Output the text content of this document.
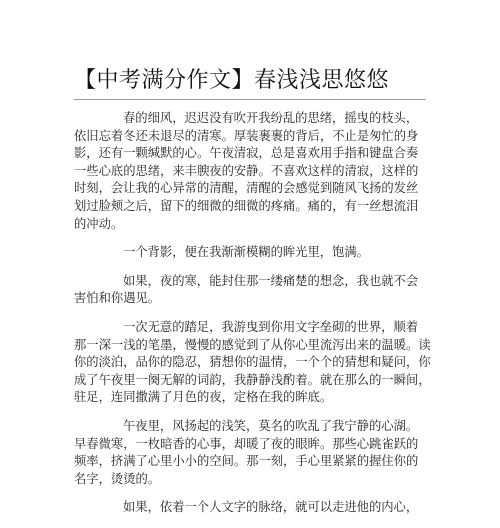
【中考满分作文】春浅浅思悠悠
春的细风，迟迟没有吹开我纷乱的思绪，摇曳的枝头，
依旧忘着冬还未退尽的清寒。厚装裹裹的背后，不止是匆忙的身
影，还有一颗缄默的心。午夜清寂，总是喜欢用手指和键盘合奏
一些心底的思绪，来丰腴夜的安静。不喜欢这样的清寂，这样的
时刻，会让我的心异常的清醒，清醒的会感觉到随风飞扬的发丝
划过脸颊之后，留下的细微的细微的疼痛。痛的，有一丝想流泪
的冲动。
一个背影，便在我渐渐模糊的眸光里，饱满。
如果，夜的寒，能封住那一缕痛楚的想念，我也就不会
害怕和你遇见。
一次无意的踏足，我游曳到你用文字垒砌的世界，顺着
那一深一浅的笔墨，慢慢的感觉到了从你心里流泻出来的温暖。读
你的淡泊，品你的隐忍，猜想你的温情，一个个的猜想和疑问，你
成了午夜里一阕无解的词韵，我静静浅酌着。就在那么的一瞬间，
驻足，连同撒满了月色的夜，定格在我的眸底。
午夜里，风扬起的浅笑，莫名的吹乱了我宁静的心湖。
早春微寒，一枚暗香的心事，却暖了夜的眼眸。那些心跳雀跃的
频率，挤满了心里小小的空间。那一刻，手心里紧紧的握住你的
名字，烫烫的。
如果，依着一个人文字的脉络，就可以走进他的内心，
